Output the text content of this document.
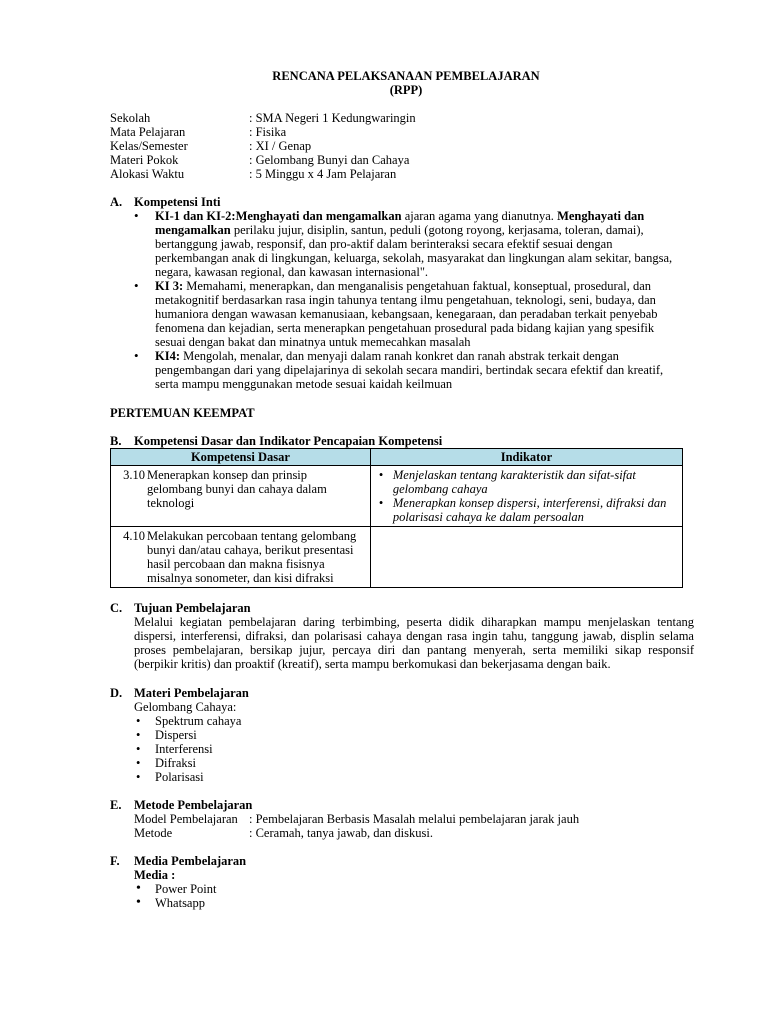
RENCANA PELAKSANAAN PEMBELAJARAN
(RPP)
Sekolah	: SMA Negeri 1 Kedungwaringin
Mata Pelajaran	: Fisika
Kelas/Semester	: XI / Genap
Materi Pokok	: Gelombang Bunyi dan Cahaya
Alokasi Waktu	: 5 Minggu x 4 Jam Pelajaran
A. Kompetensi Inti
• KI-1 dan KI-2:Menghayati dan mengamalkan ajaran agama yang dianutnya. Menghayati dan mengamalkan perilaku jujur, disiplin, santun, peduli (gotong royong, kerjasama, toleran, damai), bertanggung jawab, responsif, dan pro-aktif dalam berinteraksi secara efektif sesuai dengan perkembangan anak di lingkungan, keluarga, sekolah, masyarakat dan lingkungan alam sekitar, bangsa, negara, kawasan regional, dan kawasan internasional".
• KI 3: Memahami, menerapkan, dan menganalisis pengetahuan faktual, konseptual, prosedural, dan metakognitif berdasarkan rasa ingin tahunya tentang ilmu pengetahuan, teknologi, seni, budaya, dan humaniora dengan wawasan kemanusiaan, kebangsaan, kenegaraan, dan peradaban terkait penyebab fenomena dan kejadian, serta menerapkan pengetahuan prosedural pada bidang kajian yang spesifik sesuai dengan bakat dan minatnya untuk memecahkan masalah
• KI4: Mengolah, menalar, dan menyaji dalam ranah konkret dan ranah abstrak terkait dengan pengembangan dari yang dipelajarinya di sekolah secara mandiri, bertindak secara efektif dan kreatif, serta mampu menggunakan metode sesuai kaidah keilmuan
PERTEMUAN KEEMPAT
B. Kompetensi Dasar dan Indikator Pencapaian Kompetensi
Kompetensi Dasar	Indikator
3.10 Menerapkan konsep dan prinsip gelombang bunyi dan cahaya dalam teknologi	• Menjelaskan tentang karakteristik dan sifat-sifat gelombang cahaya
• Menerapkan konsep dispersi, interferensi, difraksi dan polarisasi cahaya ke dalam persoalan

4.10 Melakukan percobaan tentang gelombang bunyi dan/atau cahaya, berikut presentasi hasil percobaan dan makna fisisnya misalnya sonometer, dan kisi difraksi	
C. Tujuan Pembelajaran
Melalui kegiatan pembelajaran daring terbimbing, peserta didik diharapkan mampu menjelaskan tentang dispersi, interferensi, difraksi, dan polarisasi cahaya dengan rasa ingin tahu, tanggung jawab, displin selama proses pembelajaran, bersikap jujur, percaya diri dan pantang menyerah, serta memiliki sikap responsif (berpikir kritis) dan proaktif (kreatif), serta mampu berkomukasi dan bekerjasama dengan baik.
D. Materi Pembelajaran
Gelombang Cahaya:
• Spektrum cahaya
• Dispersi
• Interferensi
• Difraksi
• Polarisasi
E. Metode Pembelajaran
Model Pembelajaran : Pembelajaran Berbasis Masalah melalui pembelajaran jarak jauh
Metode	: Ceramah, tanya jawab, dan diskusi.
F. Media Pembelajaran
Media :
• Power Point
• Whatsapp
